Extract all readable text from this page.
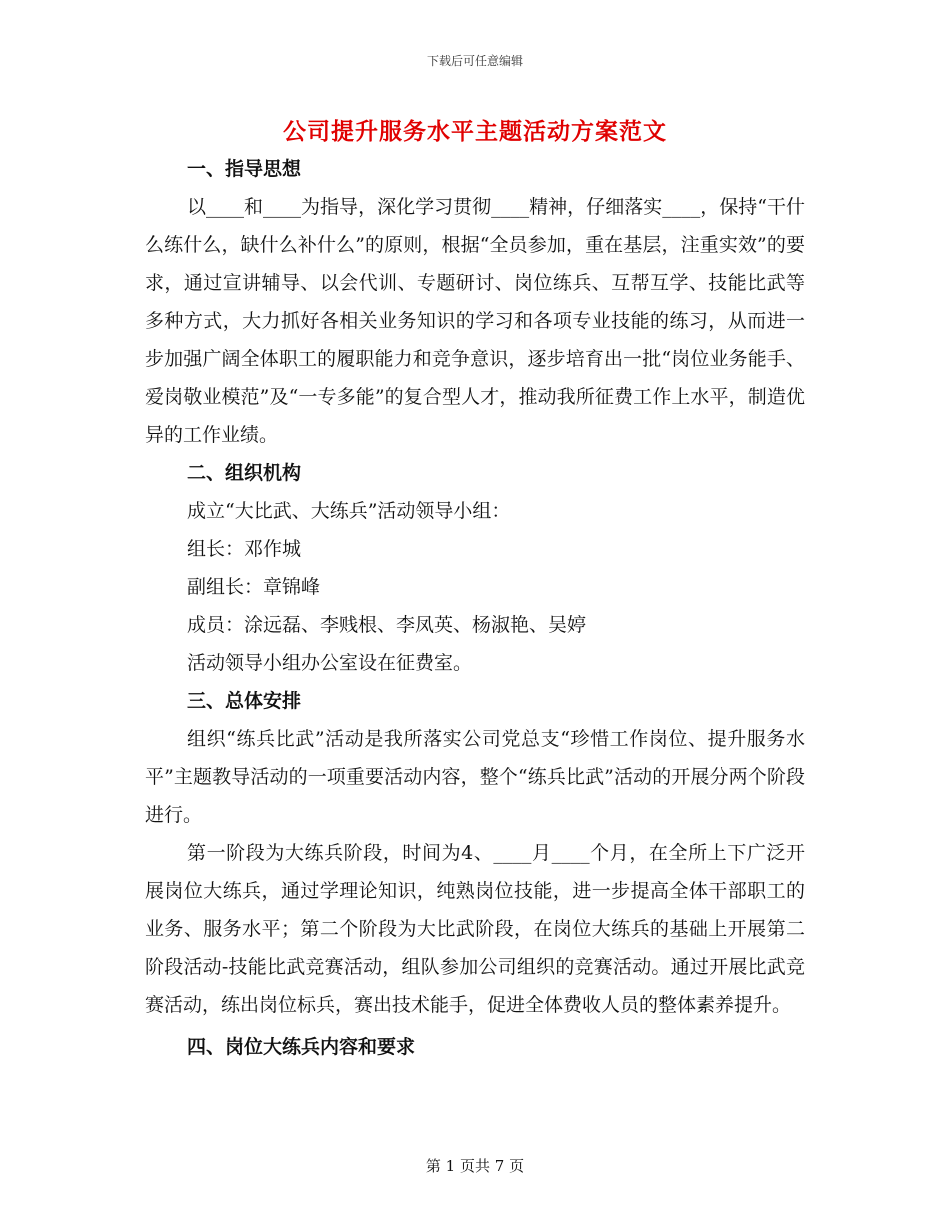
下载后可任意编辑
公司提升服务水平主题活动方案范文

一、指导思想

以____和____为指导，深化学习贯彻____精神，仔细落实____，保持“干什么练什么，缺什么补什么”的原则，根据“全员参加，重在基层，注重实效”的要求，通过宣讲辅导、以会代训、专题研讨、岗位练兵、互帮互学、技能比武等多种方式，大力抓好各相关业务知识的学习和各项专业技能的练习，从而进一步加强广阔全体职工的履职能力和竞争意识，逐步培育出一批“岗位业务能手、爱岗敬业模范”及“一专多能”的复合型人才，推动我所征费工作上水平，制造优异的工作业绩。

二、组织机构

成立“大比武、大练兵”活动领导小组：

组长：邓作城

副组长：章锦峰

成员：涂远磊、李贱根、李凤英、杨淑艳、吴婷

活动领导小组办公室设在征费室。

三、总体安排

组织“练兵比武”活动是我所落实公司党总支“珍惜工作岗位、提升服务水平”主题教导活动的一项重要活动内容，整个“练兵比武”活动的开展分两个阶段进行。

第一阶段为大练兵阶段，时间为4、____月____个月，在全所上下广泛开展岗位大练兵，通过学理论知识，纯熟岗位技能，进一步提高全体干部职工的业务、服务水平；第二个阶段为大比武阶段，在岗位大练兵的基础上开展第二阶段活动-技能比武竞赛活动，组队参加公司组织的竞赛活动。通过开展比武竞赛活动，练出岗位标兵，赛出技术能手，促进全体费收人员的整体素养提升。

四、岗位大练兵内容和要求

第 1 页共 7 页
